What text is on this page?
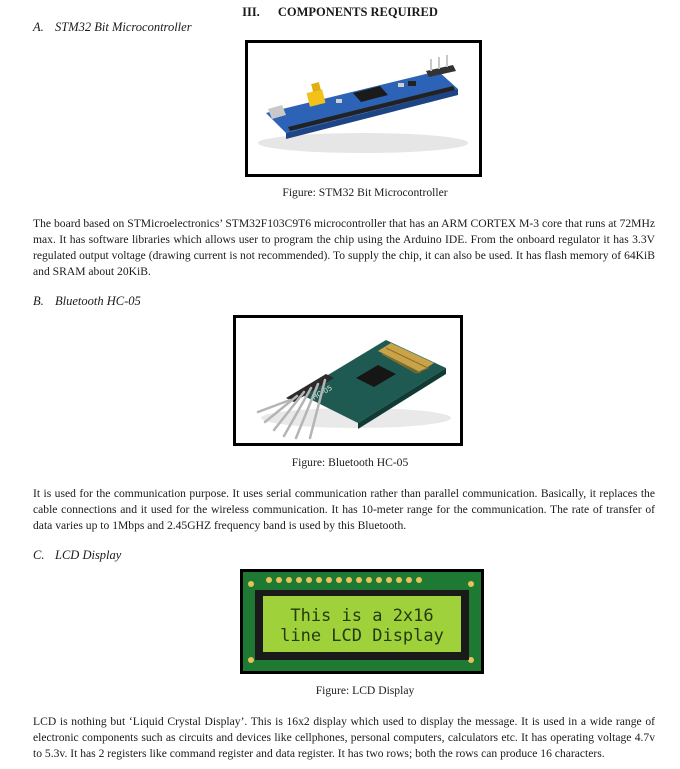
III. COMPONENTS REQUIRED
A. STM32 Bit Microcontroller
Figure: STM32 Bit Microcontroller
The board based on STMicroelectronics’ STM32F103C9T6 microcontroller that has an ARM CORTEX M-3 core that runs at 72MHz max. It has software libraries which allows user to program the chip using the Arduino IDE. From the onboard regulator it has 3.3V regulated output voltage (drawing current is not recommended). To supply the chip, it can also be used. It has flash memory of 64KiB and SRAM about 20KiB.
B. Bluetooth HC-05
Figure: Bluetooth HC-05
It is used for the communication purpose. It uses serial communication rather than parallel communication. Basically, it replaces the cable connections and it used for the wireless communication. It has 10-meter range for the communication. The rate of transfer of data varies up to 1Mbps and 2.45GHZ frequency band is used by this Bluetooth.
C. LCD Display
This is a 2x16
line LCD Display
Figure: LCD Display
LCD is nothing but ‘Liquid Crystal Display’. This is 16x2 display which used to display the message. It is used in a wide range of electronic components such as circuits and devices like cellphones, personal computers, calculators etc. It has operating voltage 4.7v to 5.3v. It has 2 registers like command register and data register. It has two rows; both the rows can produce 16 characters.
